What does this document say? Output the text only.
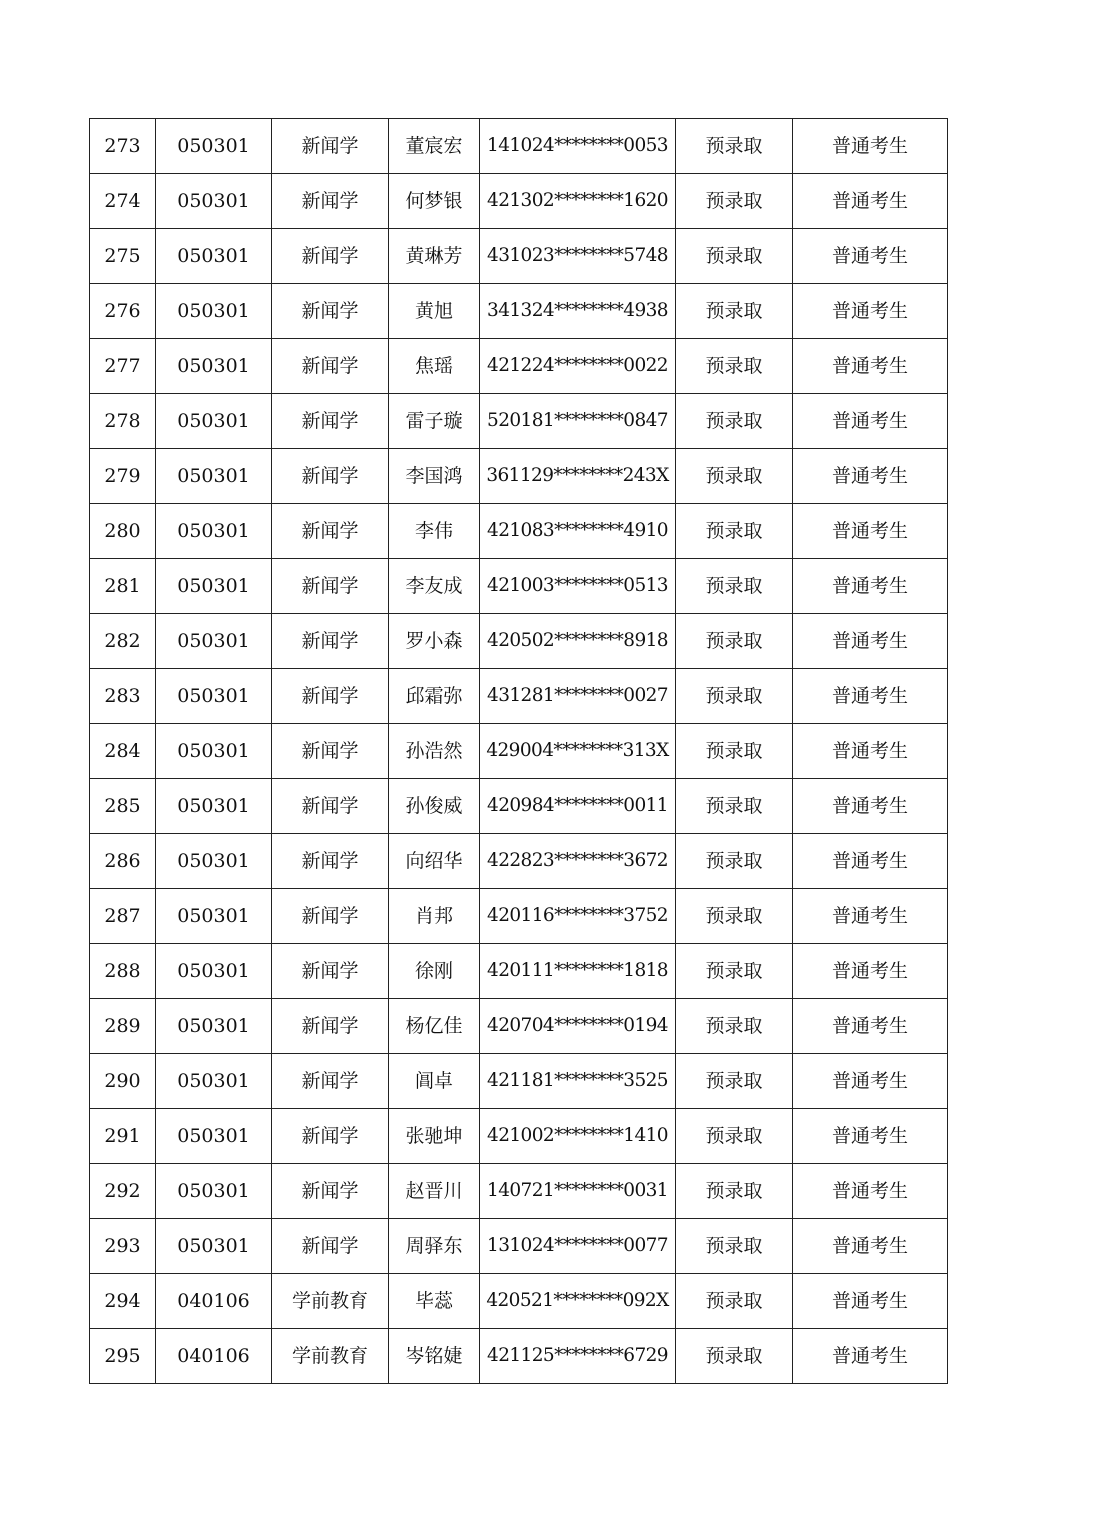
273	050301	新闻学	董宸宏	141024********0053	预录取	普通考生
274	050301	新闻学	何梦银	421302********1620	预录取	普通考生
275	050301	新闻学	黄琳芳	431023********5748	预录取	普通考生
276	050301	新闻学	黄旭	341324********4938	预录取	普通考生
277	050301	新闻学	焦瑶	421224********0022	预录取	普通考生
278	050301	新闻学	雷子璇	520181********0847	预录取	普通考生
279	050301	新闻学	李国鸿	361129********243X	预录取	普通考生
280	050301	新闻学	李伟	421083********4910	预录取	普通考生
281	050301	新闻学	李友成	421003********0513	预录取	普通考生
282	050301	新闻学	罗小森	420502********8918	预录取	普通考生
283	050301	新闻学	邱霜弥	431281********0027	预录取	普通考生
284	050301	新闻学	孙浩然	429004********313X	预录取	普通考生
285	050301	新闻学	孙俊威	420984********0011	预录取	普通考生
286	050301	新闻学	向绍华	422823********3672	预录取	普通考生
287	050301	新闻学	肖邦	420116********3752	预录取	普通考生
288	050301	新闻学	徐刚	420111********1818	预录取	普通考生
289	050301	新闻学	杨亿佳	420704********0194	预录取	普通考生
290	050301	新闻学	阊卓	421181********3525	预录取	普通考生
291	050301	新闻学	张驰坤	421002********1410	预录取	普通考生
292	050301	新闻学	赵晋川	140721********0031	预录取	普通考生
293	050301	新闻学	周驿东	131024********0077	预录取	普通考生
294	040106	学前教育	毕蕊	420521********092X	预录取	普通考生
295	040106	学前教育	岑铭婕	421125********6729	预录取	普通考生
